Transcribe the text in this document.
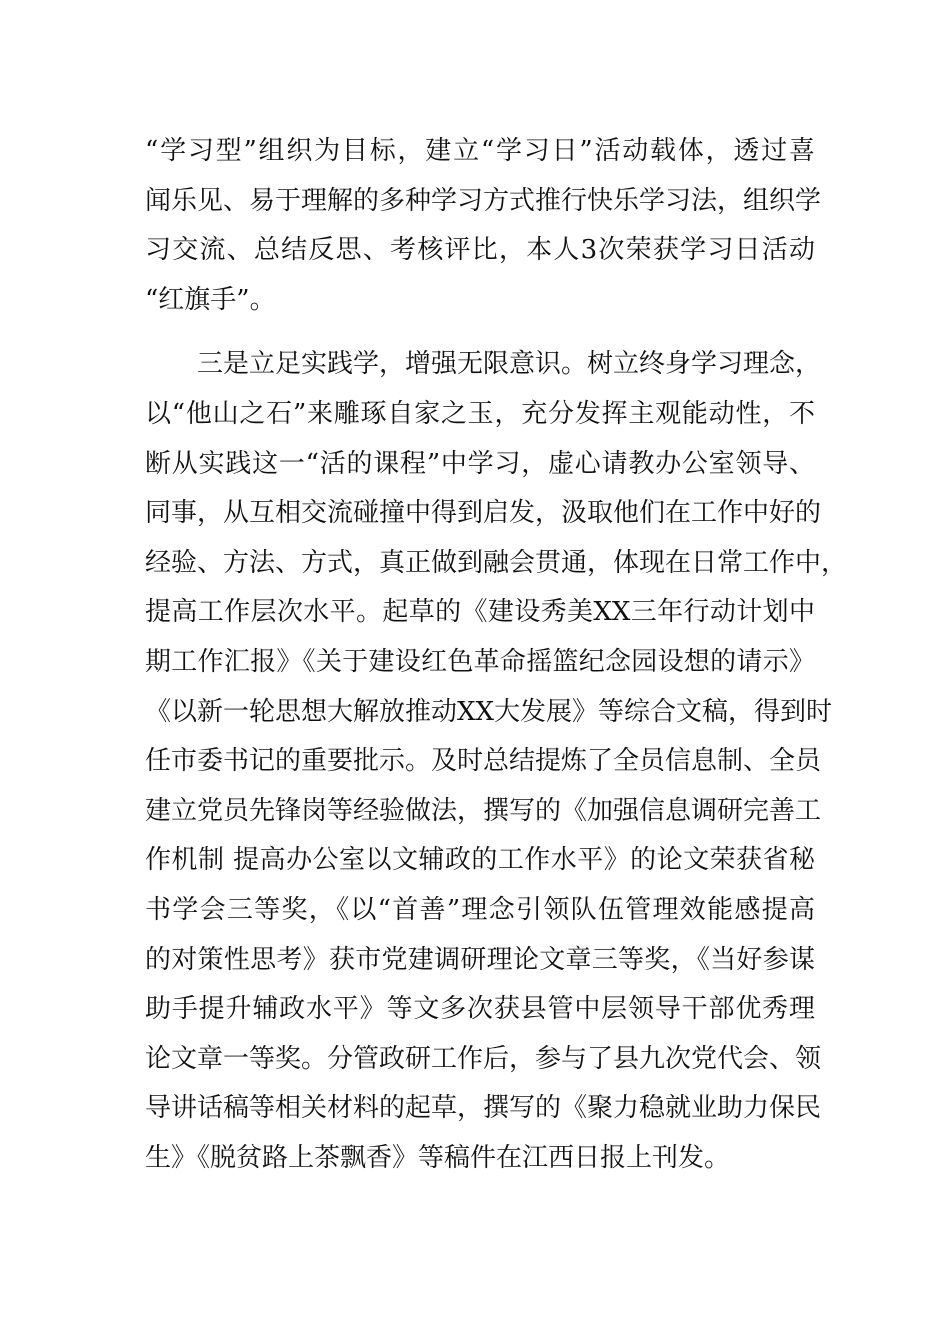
“学习型”组织为目标，建立“学习日”活动载体，透过喜
闻乐见、易于理解的多种学习方式推行快乐学习法，组织学
习交流、总结反思、考核评比，本人3次荣获学习日活动
“红旗手”。
　　三是立足实践学，增强无限意识。树立终身学习理念，
以“他山之石”来雕琢自家之玉，充分发挥主观能动性，不
断从实践这一“活的课程”中学习，虚心请教办公室领导、
同事，从互相交流碰撞中得到启发，汲取他们在工作中好的
经验、方法、方式，真正做到融会贯通，体现在日常工作中，
提高工作层次水平。起草的《建设秀美XX三年行动计划中
期工作汇报》《关于建设红色革命摇篮纪念园设想的请示》
《以新一轮思想大解放推动XX大发展》等综合文稿，得到时
任市委书记的重要批示。及时总结提炼了全员信息制、全员
建立党员先锋岗等经验做法，撰写的《加强信息调研完善工
作机制 提高办公室以文辅政的工作水平》的论文荣获省秘
书学会三等奖，《以“首善”理念引领队伍管理效能感提高
的对策性思考》获市党建调研理论文章三等奖，《当好参谋
助手提升辅政水平》等文多次获县管中层领导干部优秀理
论文章一等奖。分管政研工作后，参与了县九次党代会、领
导讲话稿等相关材料的起草，撰写的《聚力稳就业助力保民
生》《脱贫路上茶飘香》等稿件在江西日报上刊发。
